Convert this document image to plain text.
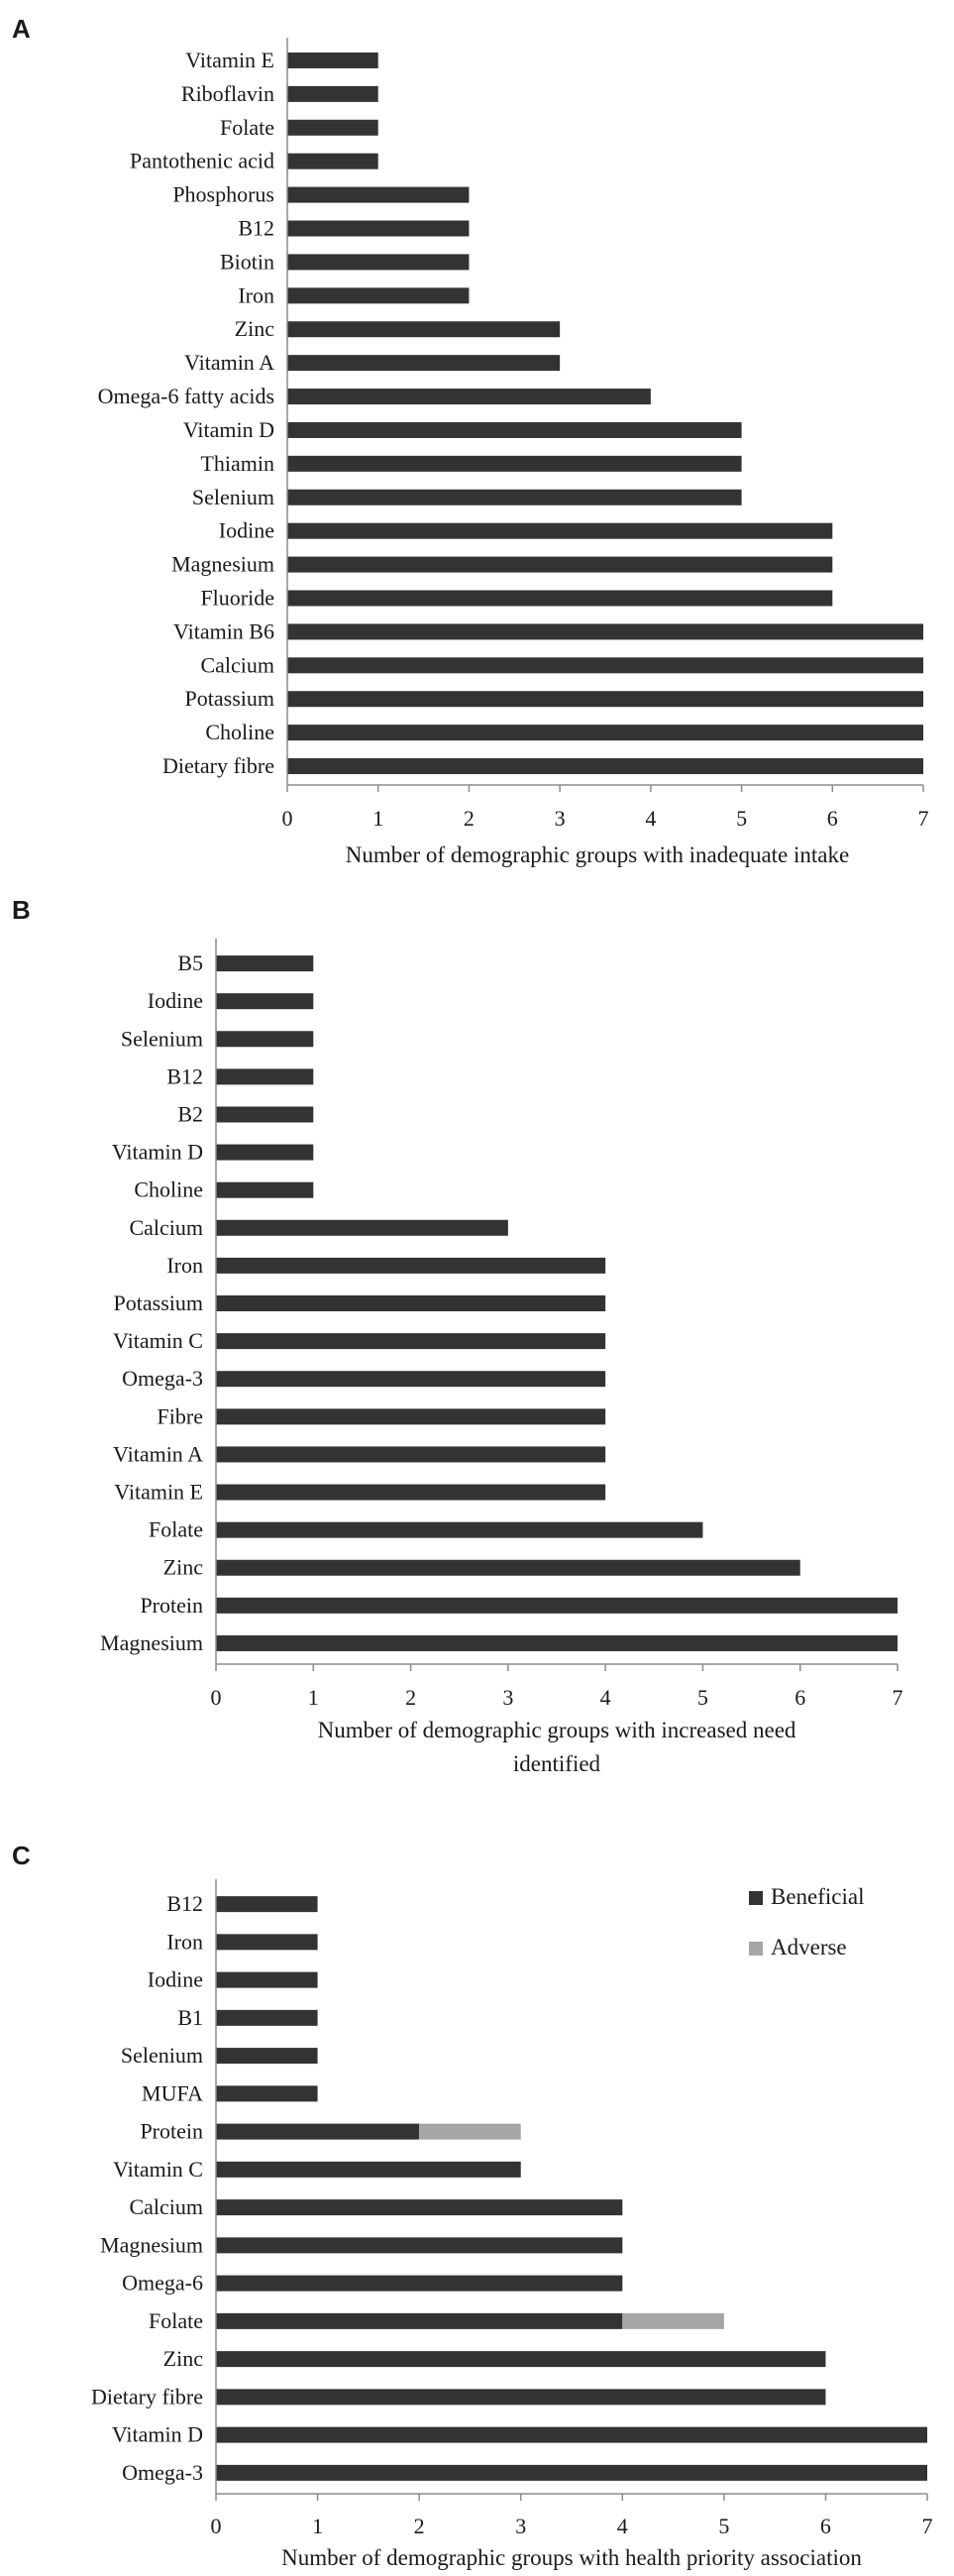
A
Vitamin E
Riboflavin
Folate
Pantothenic acid
Phosphorus
B12
Biotin
Iron
Zinc
Vitamin A
Omega-6 fatty acids
Vitamin D
Thiamin
Selenium
Iodine
Magnesium
Fluoride
Vitamin B6
Calcium
Potassium
Choline
Dietary fibre
0	1	2	3	4	5	6	7
Number of demographic groups with inadequate intake
B
B5
Iodine
Selenium
B12
B2
Vitamin D
Choline
Calcium
Iron
Potassium
Vitamin C
Omega-3
Fibre
Vitamin A
Vitamin E
Folate
Zinc
Protein
Magnesium
0	1	2	3	4	5	6	7
Number of demographic groups with increased need
identified
C
B12
Iron
Iodine
B1
Selenium
MUFA
Protein
Vitamin C
Calcium
Magnesium
Omega-6
Folate
Zinc
Dietary fibre
Vitamin D
Omega-3
0	1	2	3	4	5	6	7
Number of demographic groups with health priority association
Beneficial
Adverse
